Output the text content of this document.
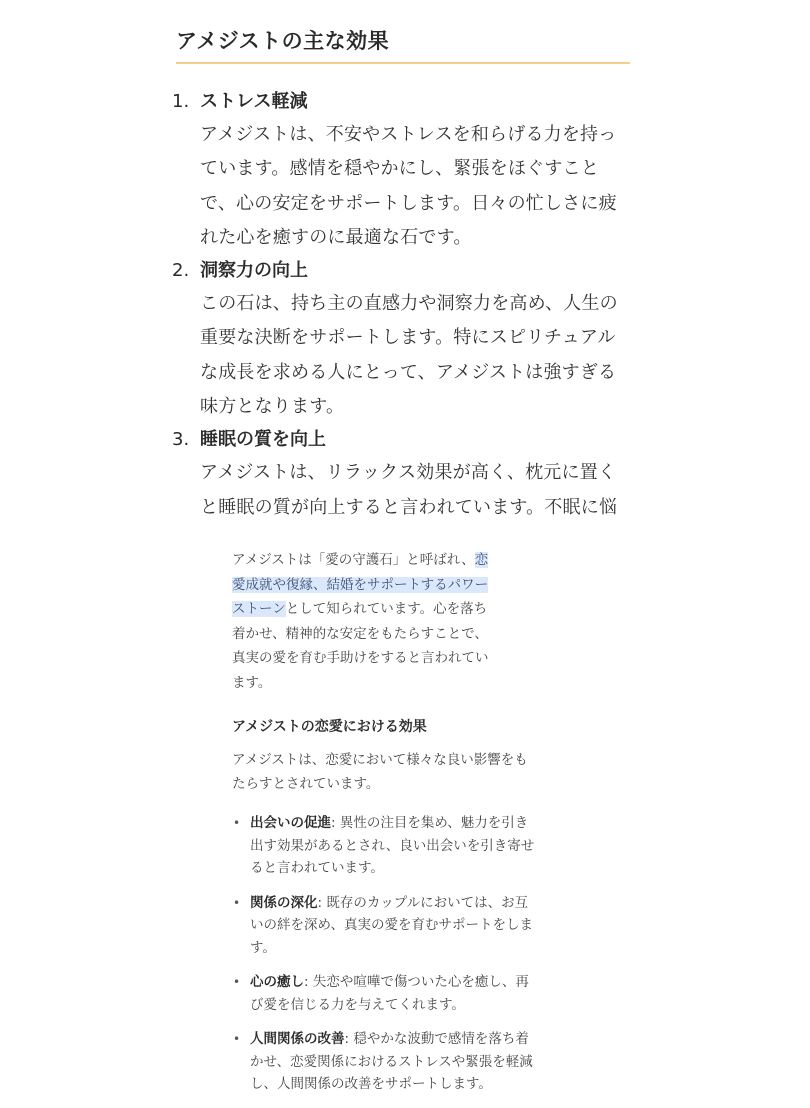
アメジストの主な効果
1. ストレス軽減
アメジストは、不安やストレスを和らげる力を持っ
ています。感情を穏やかにし、緊張をほぐすこと
で、心の安定をサポートします。日々の忙しさに疲
れた心を癒すのに最適な石です。
2. 洞察力の向上
この石は、持ち主の直感力や洞察力を高め、人生の
重要な決断をサポートします。特にスピリチュアル
な成長を求める人にとって、アメジストは強すぎる
味方となります。
3. 睡眠の質を向上
アメジストは、リラックス効果が高く、枕元に置く
と睡眠の質が向上すると言われています。不眠に悩
アメジストは「愛の守護石」と呼ばれ、恋
愛成就や復縁、結婚をサポートするパワー
ストーンとして知られています。心を落ち
着かせ、精神的な安定をもたらすことで、
真実の愛を育む手助けをすると言われてい
ます。
アメジストの恋愛における効果
アメジストは、恋愛において様々な良い影響をも
たらすとされています。
• 出会いの促進: 異性の注目を集め、魅力を引き
出す効果があるとされ、良い出会いを引き寄せ
ると言われています。
• 関係の深化: 既存のカップルにおいては、お互
いの絆を深め、真実の愛を育むサポートをしま
す。
• 心の癒し: 失恋や喧嘩で傷ついた心を癒し、再
び愛を信じる力を与えてくれます。
• 人間関係の改善: 穏やかな波動で感情を落ち着
かせ、恋愛関係におけるストレスや緊張を軽減
し、人間関係の改善をサポートします。
